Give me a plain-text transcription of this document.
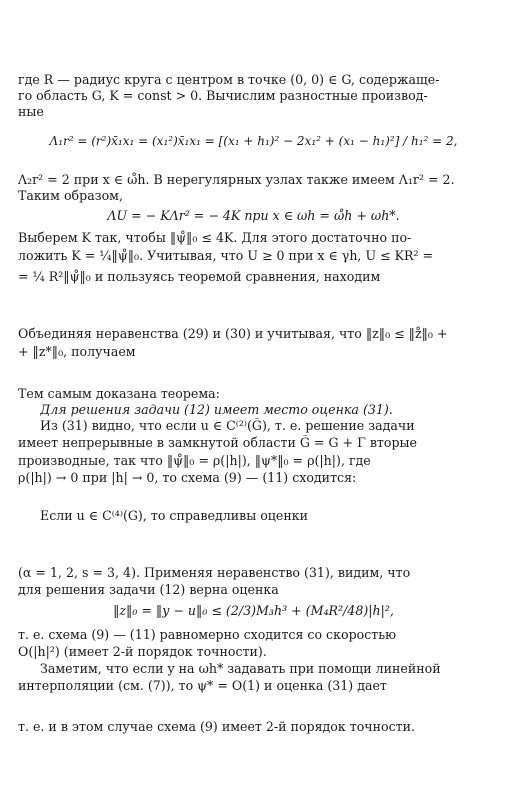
где R — радиус круга с центром в точке (0, 0) ∈ G, содержаще-
го область G, K = const > 0. Вычислим разностные производ-
ные
Λ₁r² = (r²)x̄₁x₁ = (x₁²)x̄₁x₁ = [(x₁ + h₁)² − 2x₁² + (x₁ − h₁)²] / h₁² = 2,
Λ₂r² = 2 при x ∈ ω̊h. В нерегулярных узлах также имеем Λ₁r² = 2.
Таким образом,
ΛU = − KΛr² = − 4K при x ∈ ωh = ω̊h + ωh*.
Выберем K так, чтобы ‖ψ̊‖₀ ≤ 4K. Для этого достаточно по-
ложить K = ¼‖ψ̊‖₀. Учитывая, что U ≥ 0 при x ∈ γh, U ≤ KR² =
= ¼ R²‖ψ̊‖₀ и пользуясь теоремой сравнения, находим
Объединяя неравенства (29) и (30) и учитывая, что ‖z‖₀ ≤ ‖z̊‖₀ +
+ ‖z*‖₀, получаем
Тем самым доказана теорема:
Для решения задачи (12) имеет место оценка (31).
Из (31) видно, что если u ∈ C⁽²⁾(Ḡ), т. е. решение задачи
имеет непрерывные в замкнутой области Ḡ = G + Γ вторые
производные, так что ‖ψ̊‖₀ = ρ(|h|), ‖ψ*‖₀ = ρ(|h|), где
ρ(|h|) → 0 при |h| → 0, то схема (9) — (11) сходится:
Если u ∈ C⁽⁴⁾(G), то справедливы оценки
(α = 1, 2, s = 3, 4). Применяя неравенство (31), видим, что
для решения задачи (12) верна оценка
‖z‖₀ = ‖y − u‖₀ ≤ (2/3)M₃h³ + (M₄R²/48)|h|²,
т. е. схема (9) — (11) равномерно сходится со скоростью
O(|h|²) (имеет 2-й порядок точности).
Заметим, что если y на ωh* задавать при помощи линейной
интерполяции (см. (7)), то ψ* = O(1) и оценка (31) дает
т. е. и в этом случае схема (9) имеет 2-й порядок точности.
